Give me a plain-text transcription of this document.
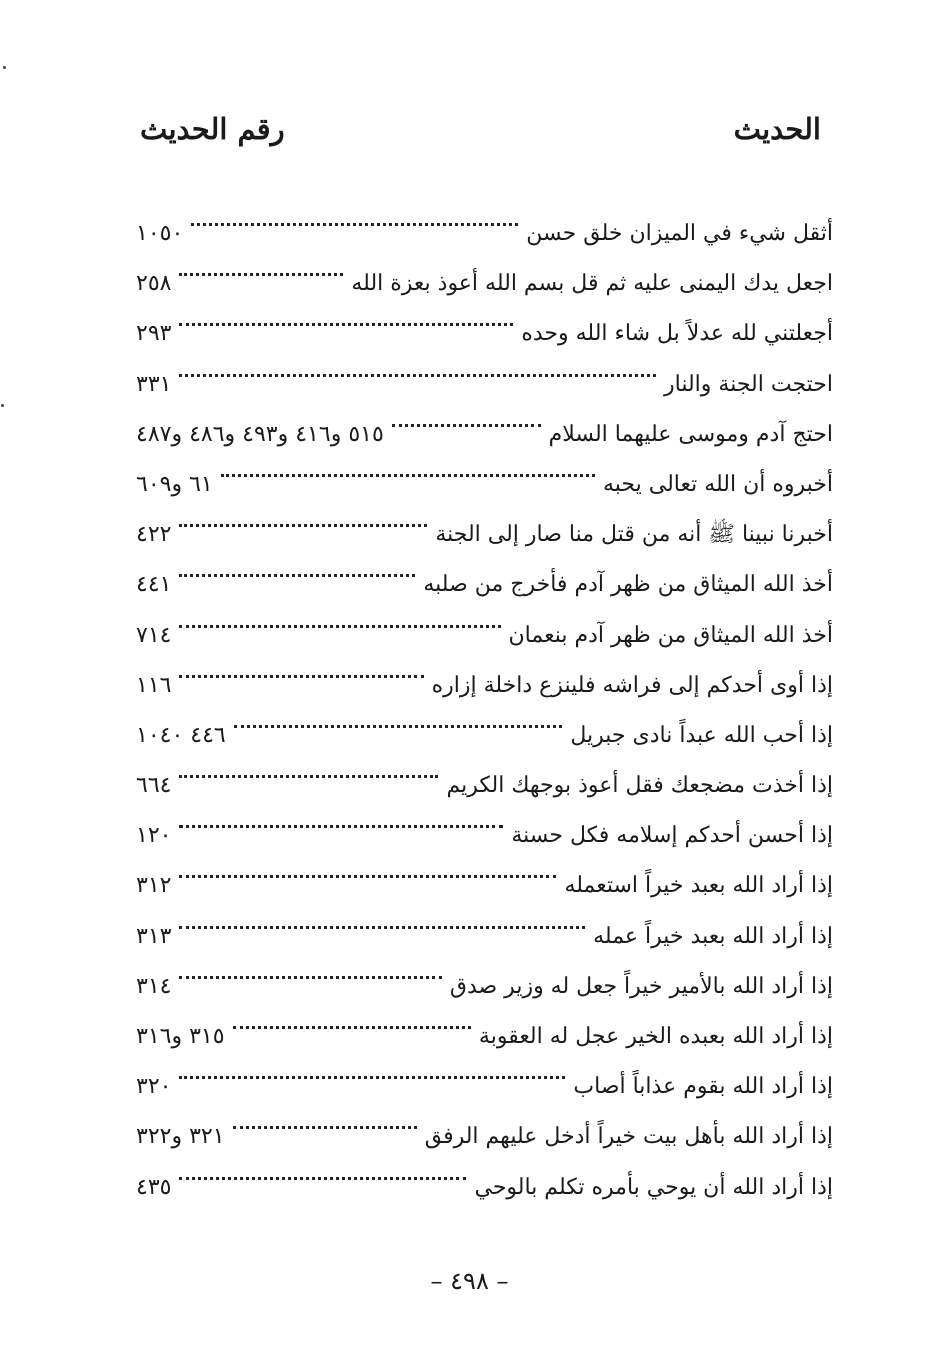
الحديث
رقم الحديث
أثقل شيء في الميزان خلق حسن
١٠٥٠
اجعل يدك اليمنى عليه ثم قل بسم الله أعوذ بعزة الله
٢٥٨
أجعلتني لله عدلاً بل شاء الله وحده
٢٩٣
احتجت الجنة والنار
٣٣١
احتج آدم وموسى عليهما السلام
٥١٥ و٤١٦ و٤٩٣ و٤٨٦ و٤٨٧
أخبروه أن الله تعالى يحبه
٦١ و٦٠٩
أخبرنا نبينا ﷺ أنه من قتل منا صار إلى الجنة
٤٢٢
أخذ الله الميثاق من ظهر آدم فأخرج من صلبه
٤٤١
أخذ الله الميثاق من ظهر آدم بنعمان
٧١٤
إذا أوى أحدكم إلى فراشه فلينزع داخلة إزاره
١١٦
إذا أحب الله عبداً نادى جبريل
٤٤٦ ١٠٤٠
إذا أخذت مضجعك فقل أعوذ بوجهك الكريم
٦٦٤
إذا أحسن أحدكم إسلامه فكل حسنة
١٢٠
إذا أراد الله بعبد خيراً استعمله
٣١٢
إذا أراد الله بعبد خيراً عمله
٣١٣
إذا أراد الله بالأمير خيراً جعل له وزير صدق
٣١٤
إذا أراد الله بعبده الخير عجل له العقوبة
٣١٥ و٣١٦
إذا أراد الله بقوم عذاباً أصاب
٣٢٠
إذا أراد الله بأهل بيت خيراً أدخل عليهم الرفق
٣٢١ و٣٢٢
إذا أراد الله أن يوحي بأمره تكلم بالوحي
٤٣٥
– ٤٩٨ –
